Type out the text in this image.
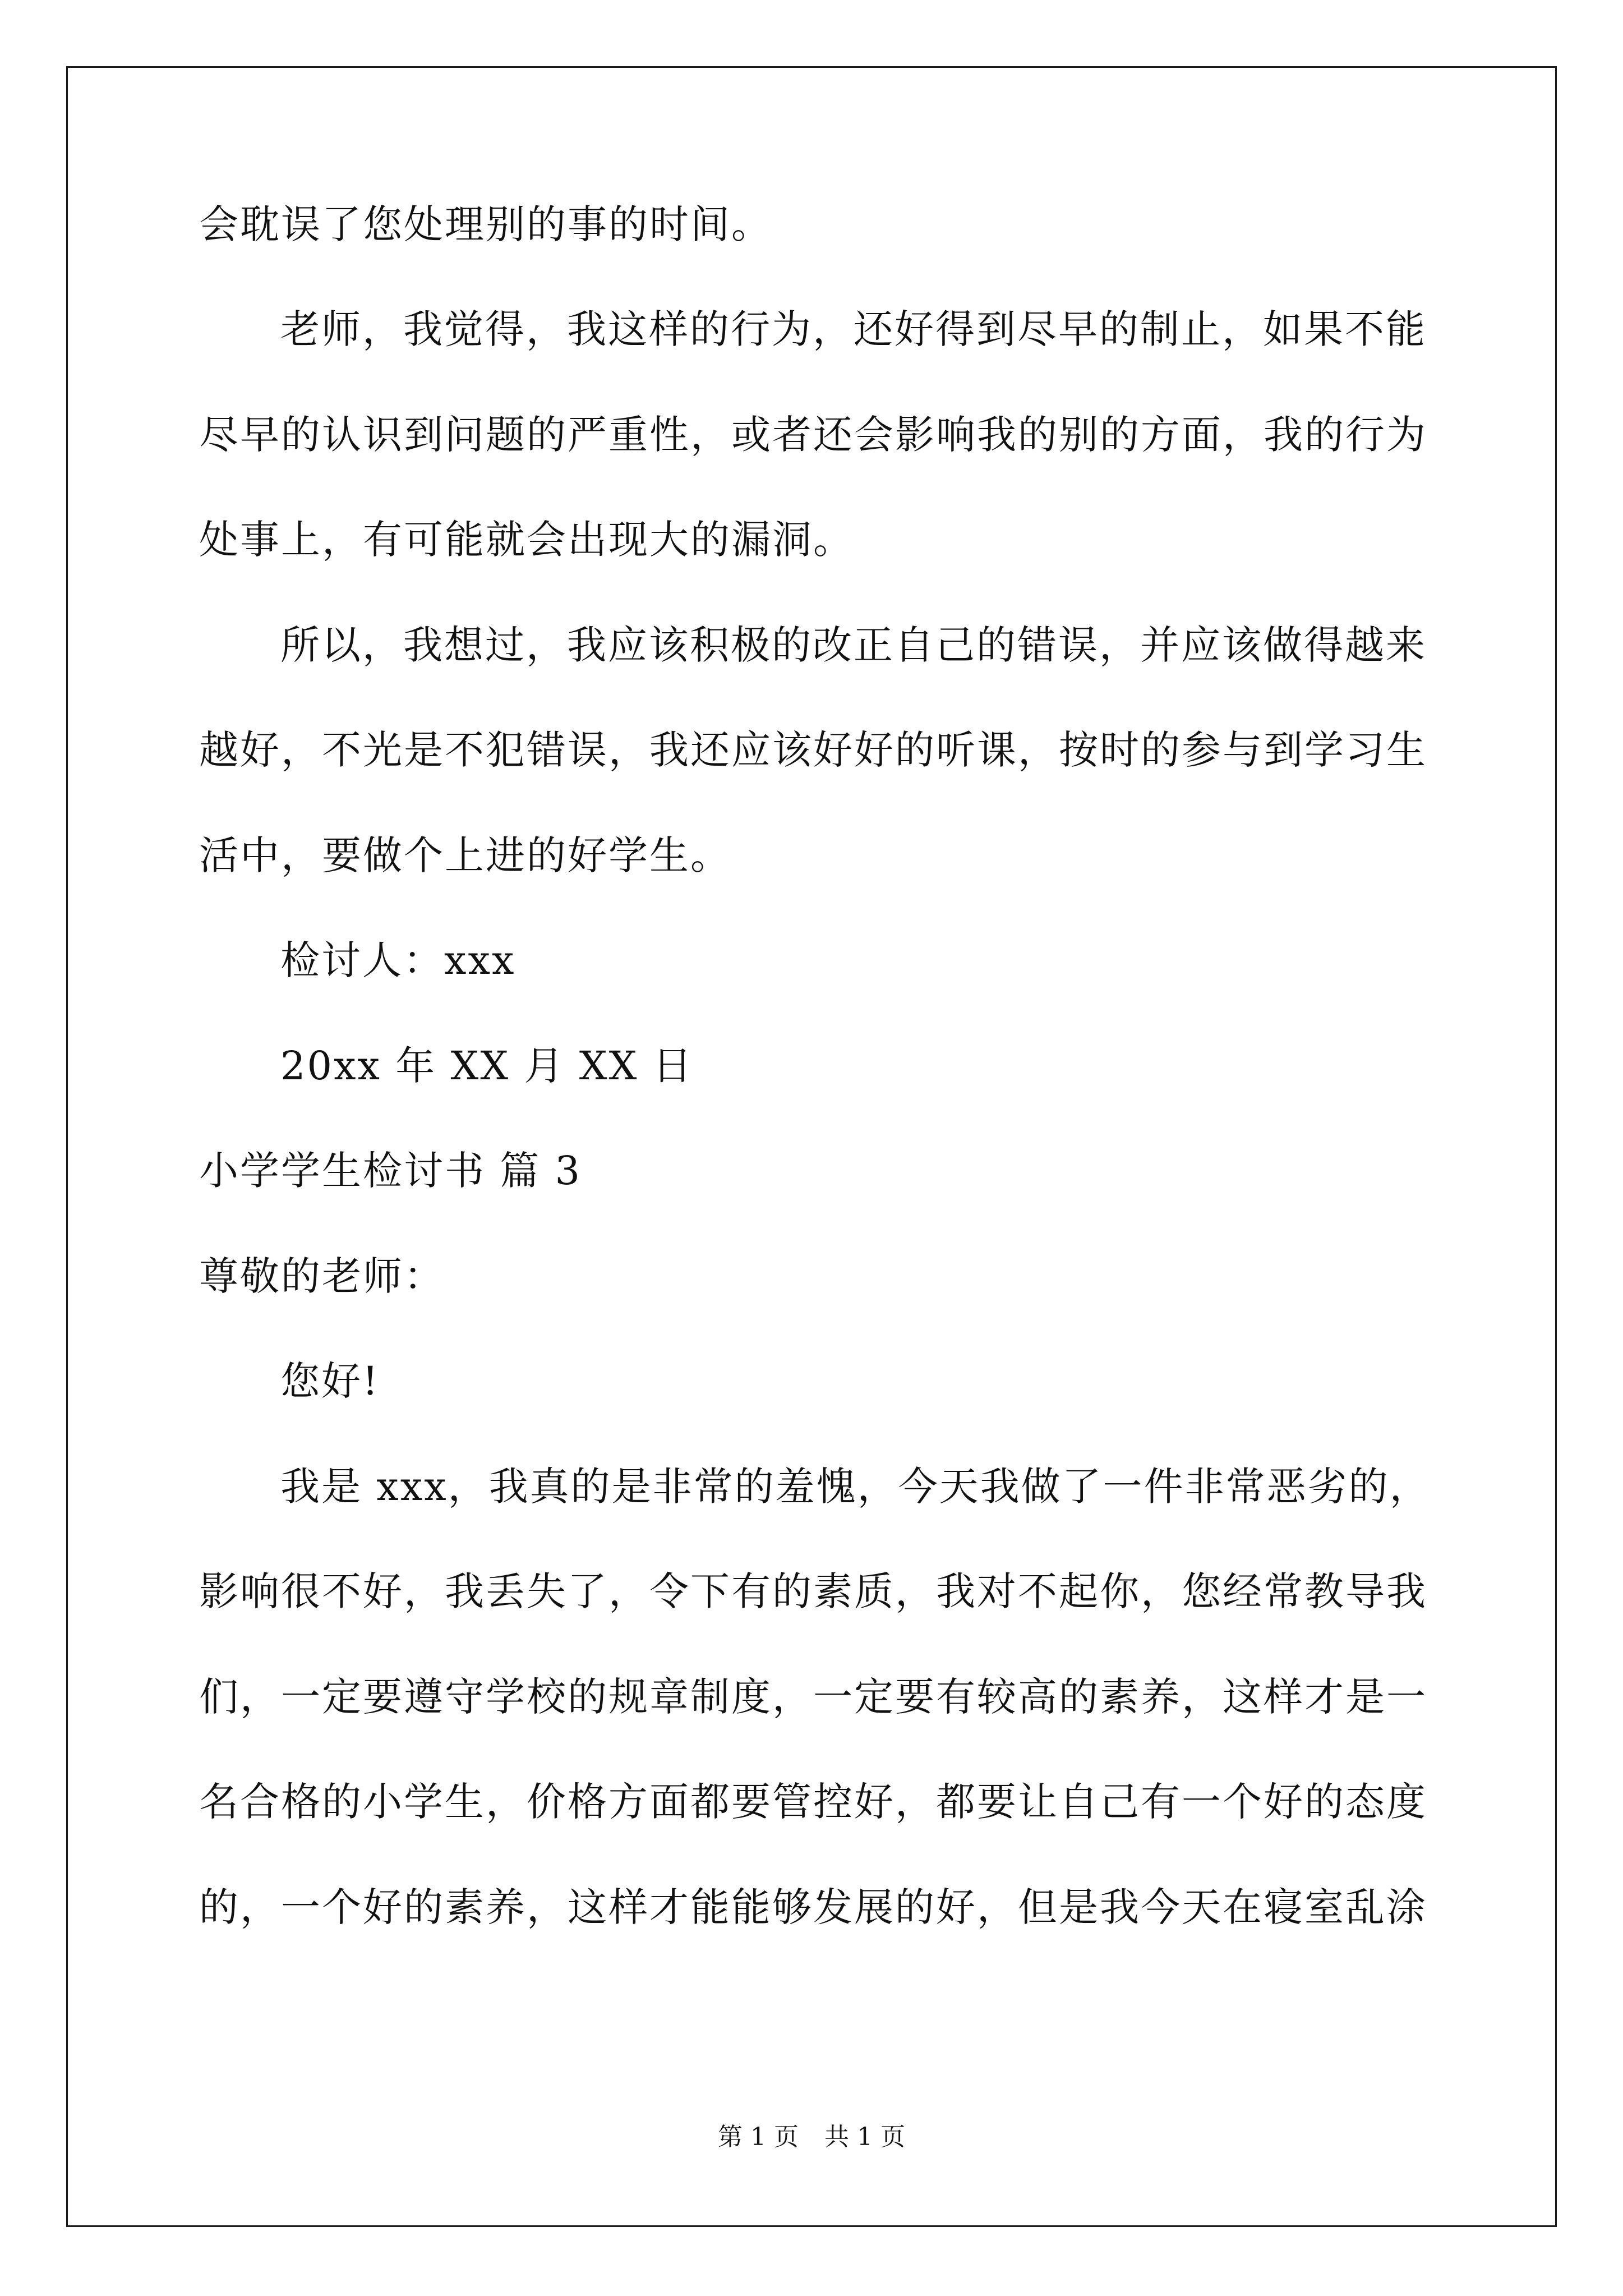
会耽误了您处理别的事的时间。
老师，我觉得，我这样的行为，还好得到尽早的制止，如果不能
尽早的认识到问题的严重性，或者还会影响我的别的方面，我的行为
处事上，有可能就会出现大的漏洞。
所以，我想过，我应该积极的改正自己的错误，并应该做得越来
越好，不光是不犯错误，我还应该好好的听课，按时的参与到学习生
活中，要做个上进的好学生。
检讨人：xxx
20xx 年 XX 月 XX 日
小学学生检讨书 篇 3
尊敬的老师：
您好!
我是 xxx，我真的是非常的羞愧，今天我做了一件非常恶劣的，
影响很不好，我丢失了，令下有的素质，我对不起你，您经常教导我
们，一定要遵守学校的规章制度，一定要有较高的素养，这样才是一
名合格的小学生，价格方面都要管控好，都要让自己有一个好的态度
的，一个好的素养，这样才能能够发展的好，但是我今天在寝室乱涂
第 1 页 共 1 页
